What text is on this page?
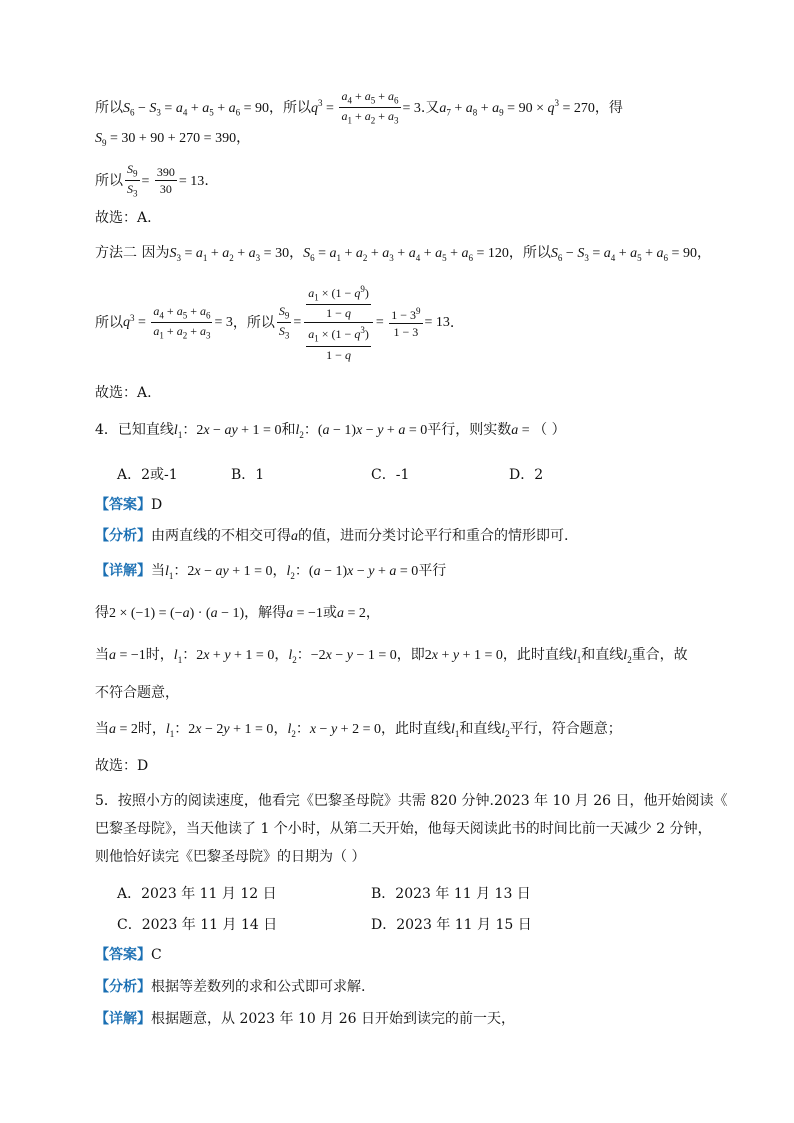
所以$S_6 - S_3 = a_4 + a_5 + a_6 = 90$，所以$q^3 = \frac{a_4 + a_5 + a_6}{a_1 + a_2 + a_3} = 3$.又$a_7 + a_8 + a_9 = 90 \times q^3 = 270$，得
$S_9 = 30 + 90 + 270 = 390$，
所以 $\frac{S_9}{S_3} = \frac{390}{30} = 13$.
故选：A.
方法二 因为$S_3 = a_1 + a_2 + a_3 = 30$，$S_6 = a_1 + a_2 + a_3 + a_4 + a_5 + a_6 = 120$，所以$S_6 - S_3 = a_4 + a_5 + a_6 = 90$，
所以$q^3 = \frac{a_4 + a_5 + a_6}{a_1 + a_2 + a_3} = 3$，所以 $\frac{S_9}{S_3} = \frac{\frac{a_1 \times (1 - q^9)}{1 - q}}{\frac{a_1 \times (1 - q^3)}{1 - q}} = \frac{1 - 3^9}{1 - 3} = 13$.
故选：A.
4．已知直线$l_1$：2x − ay + 1 = 0和$l_2$：(a − 1)x − y + a = 0平行，则实数a = （ ）
A．2或-1	B．1	C．-1	D．2
【答案】D
【分析】由两直线的不相交可得a的值，进而分类讨论平行和重合的情形即可.
【详解】当$l_1$：2x − ay + 1 = 0，$l_2$：(a − 1)x − y + a = 0平行
得2 × (−1) = (−a) · (a − 1)，解得a = −1或a = 2，
当a = −1时，$l_1$：2x + y + 1 = 0，$l_2$：−2x − y − 1 = 0，即2x + y + 1 = 0，此时直线$l_1$和直线$l_2$重合，故
不符合题意，
当a = 2时，$l_1$：2x − 2y + 1 = 0，$l_2$：x − y + 2 = 0，此时直线$l_1$和直线$l_2$平行，符合题意；
故选：D
5．按照小方的阅读速度，他看完《巴黎圣母院》共需 820 分钟.2023 年 10 月 26 日，他开始阅读《
巴黎圣母院》，当天他读了 1 个小时，从第二天开始，他每天阅读此书的时间比前一天减少 2 分钟，
则他恰好读完《巴黎圣母院》的日期为（ ）
A．2023 年 11 月 12 日	B．2023 年 11 月 13 日
C．2023 年 11 月 14 日	D．2023 年 11 月 15 日
【答案】C
【分析】根据等差数列的求和公式即可求解.
【详解】根据题意，从 2023 年 10 月 26 日开始到读完的前一天，
